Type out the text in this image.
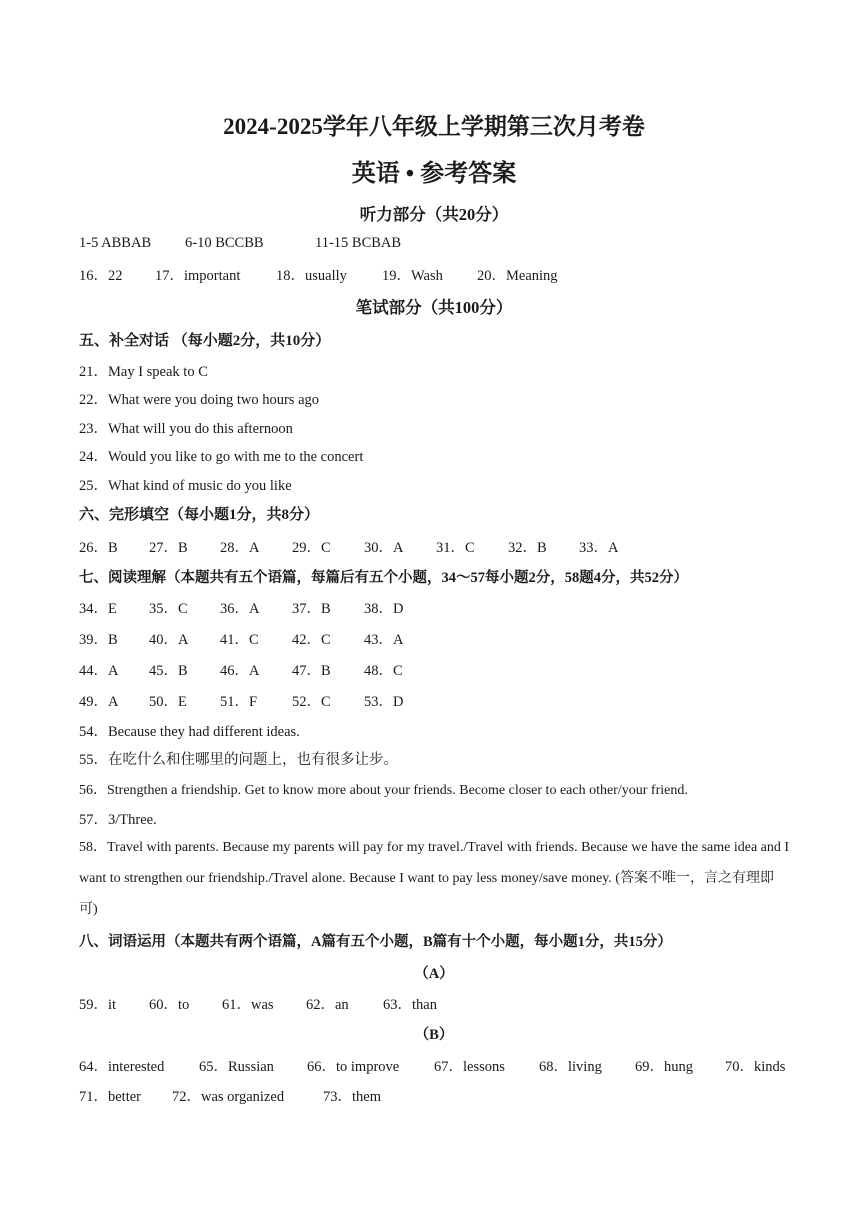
2024-2025学年八年级上学期第三次月考卷
英语 • 参考答案
听力部分（共20分）
1-5 ABBAB 6-10 BCCBB	11-15 BCBAB
16．22 17．important 18．usually 19．Wash 20．Meaning
笔试部分（共100分）
五、补全对话 （每小题2分，共10分）
21．May I speak to C
22．What were you doing two hours ago
23．What will you do this afternoon
24．Would you like to go with me to the concert
25．What kind of music do you like
六、完形填空（每小题1分，共8分）
26．B 27．B 28．A 29．C 30．A 31．C 32．B 33．A
七、阅读理解（本题共有五个语篇，每篇后有五个小题，34～57每小题2分，58题4分，共52分）
34．E 35．C 36．A 37．B 38．D
39．B 40．A 41．C 42．C 43．A
44．A 45．B 46．A 47．B 48．C
49．A 50．E 51．F 52．C 53．D
54．Because they had different ideas.
55．在吃什么和住哪里的问题上，也有很多让步。
56．Strengthen a friendship. Get to know more about your friends. Become closer to each other/your friend.
57．3/Three.
58．Travel with parents. Because my parents will pay for my travel./Travel with friends. Because we have the same idea and I want to strengthen our friendship./Travel alone. Because I want to pay less money/save money. (答案不唯一，言之有理即可)
八、词语运用（本题共有两个语篇，A篇有五个小题，B篇有十个小题，每小题1分，共15分）
（A）
59．it 60．to 61．was 62．an 63．than
（B）
64．interested 65．Russian 66．to improve 67．lessons 68．living 69．hung 70．kinds
71．better 72．was organized	73．them
